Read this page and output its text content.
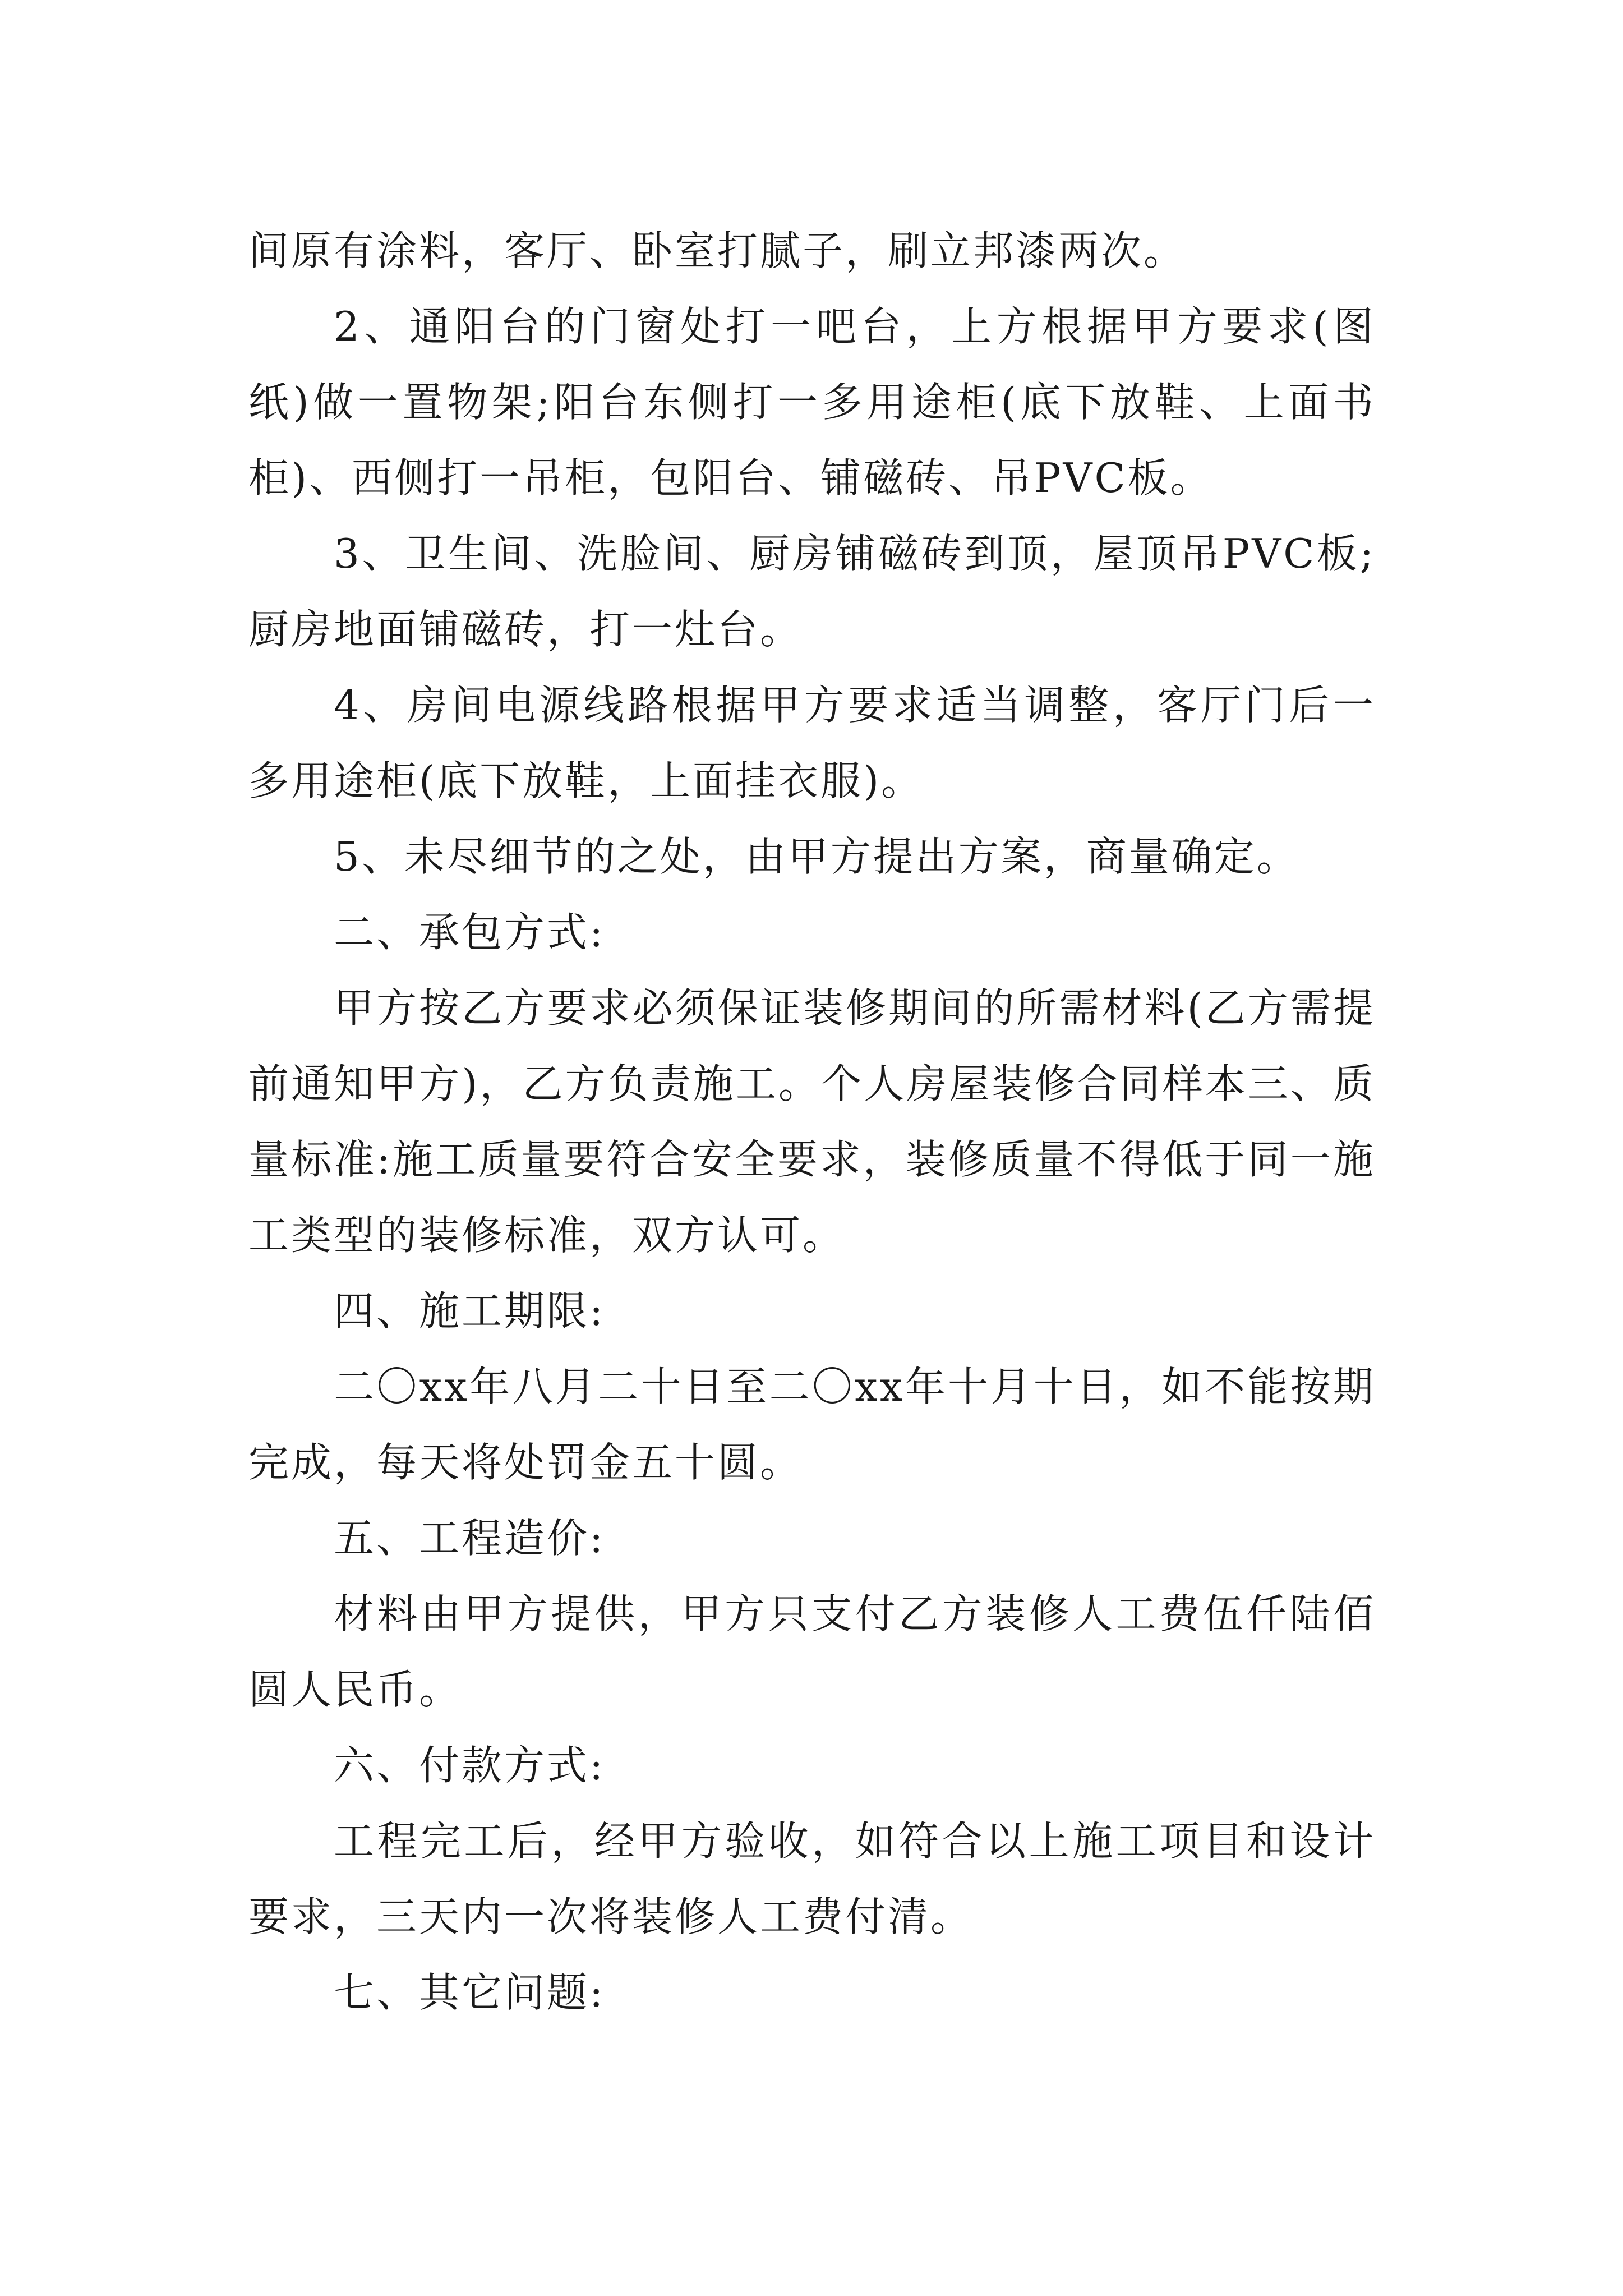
间原有涂料，客厅、卧室打腻子，刷立邦漆两次。

2、通阳台的门窗处打一吧台，上方根据甲方要求(图纸)做一置物架;阳台东侧打一多用途柜(底下放鞋、上面书柜)、西侧打一吊柜，包阳台、铺磁砖、吊PVC板。

3、卫生间、洗脸间、厨房铺磁砖到顶，屋顶吊PVC板;厨房地面铺磁砖，打一灶台。

4、房间电源线路根据甲方要求适当调整，客厅门后一多用途柜(底下放鞋，上面挂衣服)。

5、未尽细节的之处，由甲方提出方案，商量确定。

二、承包方式:

甲方按乙方要求必须保证装修期间的所需材料(乙方需提前通知甲方)，乙方负责施工。个人房屋装修合同样本三、质量标准:施工质量要符合安全要求，装修质量不得低于同一施工类型的装修标准，双方认可。

四、施工期限:

二〇xx年八月二十日至二〇xx年十月十日，如不能按期完成，每天将处罚金五十圆。

五、工程造价:

材料由甲方提供，甲方只支付乙方装修人工费伍仟陆佰圆人民币。

六、付款方式:

工程完工后，经甲方验收，如符合以上施工项目和设计要求，三天内一次将装修人工费付清。

七、其它问题:
